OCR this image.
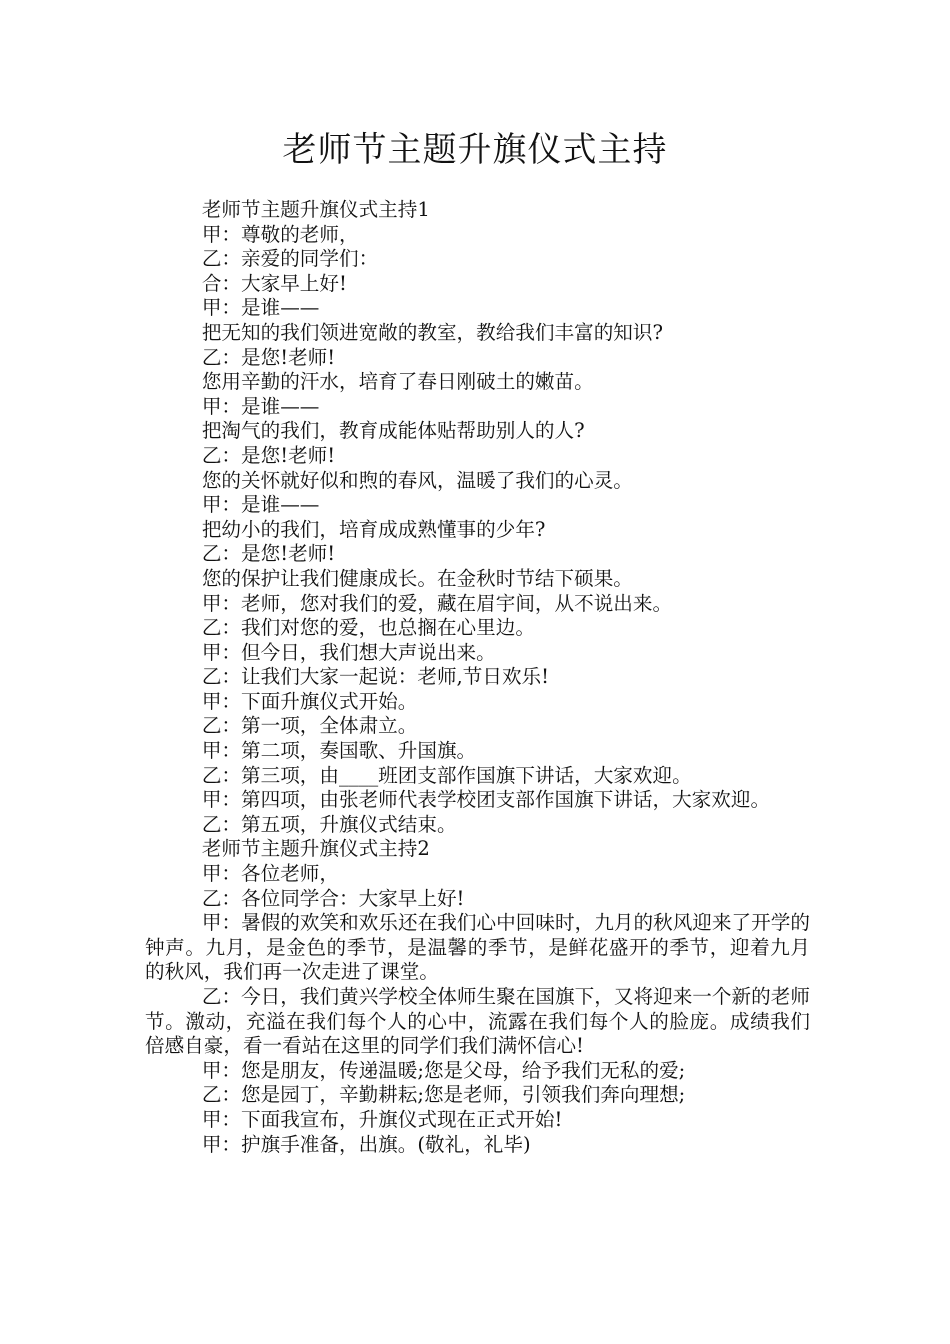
老师节主题升旗仪式主持

老师节主题升旗仪式主持1

甲：尊敬的老师，

乙：亲爱的同学们：

合：大家早上好!

甲：是谁——

把无知的我们领进宽敞的教室，教给我们丰富的知识?

乙：是您!老师!

您用辛勤的汗水，培育了春日刚破土的嫩苗。

甲：是谁——

把淘气的我们，教育成能体贴帮助别人的人?

乙：是您!老师!

您的关怀就好似和煦的春风，温暖了我们的心灵。

甲：是谁——

把幼小的我们，培育成成熟懂事的少年?

乙：是您!老师!

您的保护让我们健康成长。在金秋时节结下硕果。

甲：老师，您对我们的爱，藏在眉宇间，从不说出来。

乙：我们对您的爱，也总搁在心里边。

甲：但今日，我们想大声说出来。

乙：让我们大家一起说：老师,节日欢乐!

甲：下面升旗仪式开始。

乙：第一项，全体肃立。

甲：第二项，奏国歌、升国旗。

乙：第三项，由____班团支部作国旗下讲话，大家欢迎。

甲：第四项，由张老师代表学校团支部作国旗下讲话，大家欢迎。

乙：第五项，升旗仪式结束。

老师节主题升旗仪式主持2

甲：各位老师，

乙：各位同学合：大家早上好!

甲：暑假的欢笑和欢乐还在我们心中回味时，九月的秋风迎来了开学的钟声。九月，是金色的季节，是温馨的季节，是鲜花盛开的季节，迎着九月的秋风，我们再一次走进了课堂。

乙：今日，我们黄兴学校全体师生聚在国旗下，又将迎来一个新的老师节。激动，充溢在我们每个人的心中，流露在我们每个人的脸庞。成绩我们倍感自豪，看一看站在这里的同学们我们满怀信心!

甲：您是朋友，传递温暖;您是父母，给予我们无私的爱;

乙：您是园丁，辛勤耕耘;您是老师，引领我们奔向理想;

甲：下面我宣布，升旗仪式现在正式开始!

甲：护旗手准备，出旗。(敬礼，礼毕)
